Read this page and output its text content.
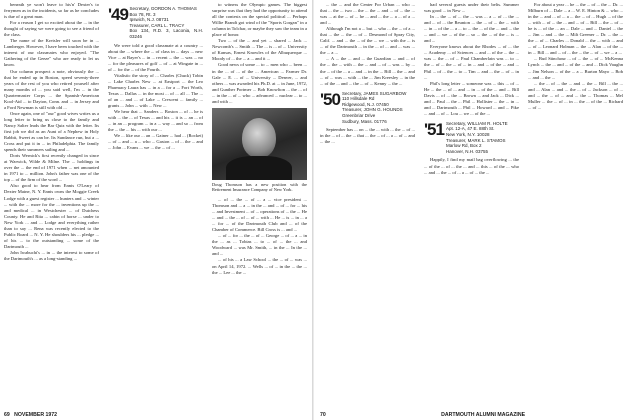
beneath ye won't leave to his'n' Dexter's to ferrymen as in the incidents, so far as he concludes is due of a great man.

For a reason I get so excited about the ... in the thought of saying we were going to see a friend of the class.

The name of the Kreisler will soon be in ... Lamberger. However, I have been touched with the interest of our classmates who enjoyed. "The Gathering of the Geeze" who are ready to let us know.

Our column prospect a note, obviously the ... that he ended up in Boston, speed seventy-three years of the rest of you who retired yourself after many months of ... you said well, I'm ... in the Quartermaster Corps ... the Spanish-American Kool-Aid ... to Dayton, Conn. and ... in Jersey and a Ford Newman is still with old ...

Once again, one of "our" good wives writes us a long letter to bring us close to the family and Nancy Salter leads the Bar Quiz with the letter. Its first job we did as an Aunt of a Nephew in Holy Rabbit, Sweet as can be. Its Sundance run, but a ... Cross and put it in ... in Philadelphia. The family spends their summers sailing and ...

Doris Wernick's first recently changed in since at Warwick, Wilde & Milne. The ... holdings in over the ... the end of 1971 when ... net amounted in 1971 to ... million. John's father was one of the top ... of the firm of the word ...

Also good to hear from Ennis O'Leary of Dexter Maine, N. Y. Ennis owns the Moggie Creek Lodge with a guest register ... hunters and ... winter ... with the ... more for the ... inventions up the ... and medical ... in Westchester ... of Dutchess County. He and Rita ... cabin of horse ... under to New York ... and ... Lodge and everything rather than to say ... Rena was recently elected to the Public Board ... N. Y. He shoulders his ... pledge ... of his ... to the outstanding ... some of the Dartmouth ...

John Iwabuchi's ... in ... the interest to some of the Dartmouth's ... as a long-standing ...

'49 Secretary, GORDON A. THOMAS
Box 78, Rt. 3
Ipswich, N.J. 08731
Treasurer, CARL L. TRACY
Box 134, R.D. 3, Laconia, N.H. 03246

We were told a good classmate at a country ... about the ... where the ... of class in ... days ... new Vice ... at Bayer's ... in ... recent ... the ... was ... no ... for the pleasures of golf ... of ... at Wingate in ... of ... for the ... of the Fourth.

Vitalistic the story of ... Charles (Chuck) Tobin ... Lake Charles New ... at Eastport ... the Leo Pharmacy Laura has ... in a ... for a ... Fort Worth, Texas ... Dallas ... in the most ... of ... all ... The ... of an ... and ... of Lake ... Crescent ... family ... grants ... John ... with ... New ...

We hear that ... Sanders ... Boston ... of ... he is with ... the ... of Texas ... and his ... it is ... an ... of ... in an ... program ... in a ... way ... and so ... from the ... the ... his ... with our ...

We ... like our ... an ... Gainer ... had ... (Rocket) ... of ... and ... a ... who ... Gaston ... of ... the ... and ... John ... Evans ... we ... the ... of ...

to witness the Olympic games. The biggest surprise was that they had the opportunity to attend all the contests on the special political ... Perhaps Willie Brandt got wind of the "Sports Gorgan" in a column in Tolchar, or maybe they saw the team in a place of honor.

Two ... of the ... and yet ... shared ... Jack ... Newcomb's ... Smith ... The ... is ... of ... University of Kansas, Ernest Knowles of the Albuquerque ... Moody of ... the ... a ... and it ...

Good news of some ... to ... men who ... been ... in the ... of ... of the ... American ... Farmer Dr. Gale ... E. ... of ... University ... Denver, ... and others ... was awarded his Ph.D. at ... in June, 1972, and Gunther Portmer ... Bob Knowlton ... the ... of ... in the ... of ... who ... advanced ... nuclear ... to ... and with ...

Doug Thomson has a new position with the Retirement Insurance Company of New York.

... of ... the ... of ... a ... vice president ... Thomson and ... a ... in the ... and ... of ... for ... his ... and Investment ... of ... operations of ... the ... He ... and ... the ... of ... of ... with ... He ... is ... in ... a ... for ... of the Dartmouth Club and ... of the Chamber of Commerce. Bill Cross is ... and ...

... of ... for ... the ... of ... George ... of ... a ... in the ... as ... Tobias ... to ... of ... the ... and Woodward ... was Mr. Smith, ... in the ... In the ... and ...

... of his ... a Law School ... the ... of ... was ... on April 14, 1972. ... Wells ... of ... in the ... the ... the ... Lee ... the ...

69 NOVEMBER 1972

... the ... and the Center For Urban ... who ... that ... the ... two ... the ... the ... and ... of ... the ... was ... at the ... of ... he ... and ... the ... a ... of a ... and ...

Although I'm not a ... but ... who ... the ... of a ... that ... the ... the ... of ... Desmond of Spray City, Calif. ... and ... the ... of the ... we ... with the ... is ... of the Dartmouth ... in the ... of ... and ... was ... the ... a ...

... A ... the ... and ... the Guardian ... and ... of the ... the ... with ... the ... and ... of ... was ... by ... the ... of the ... a ... and ... in the ... Bill ... the ... and ... of ... was ... with ... the ... Jim Kreesley ... in the ... of the ... and ... the ... of ... Kenny ... the ...

'50 Secretary, JAMES SUGARBOW
110 Hillsdale Rd
Ridgewood, N.J. 07450
Treasurer, JOHN G. HOUNDS
Greenbriar Drive
Sudbury, Mass. 01776

September has ... on ... the ... with ... the ... of ... in the ... of ... the ... that ... the ... of ... a ... of ... and ... the ...

had several guests under their belts. Summer was good ... in New ...

In ... the ... of ... the ... was ... a ... of ... the ... and ... of ... the Reunion ... the ... of ... the ... with ... in ... of the ... a ... to ... the ... of the ... and ... the ... and ... we ... of the ... so ... the ... of the ... is ... and ...

Everyone knows about the Rhodes ... of ... the ... Academy ... of Sciences ... and ... of the ... the ... was ... the ... of ... Paul Chamberlain was ... to ... the ... of ... the ... of ... in ... and ... of the ... and ... Phil ... of ... the ... to ... Tim ... and ... the ... of ... in ...

Phil's long letter ... someone was ... this ... of ... He ... the ... of ... and ... in ... of the ... and ... Bill Davis ... of ... the ... Brown ... and Jack ... Dick ... and ... Paul ... the ... Phil ... Hollister ... the ... in ... and ... Dartmouth ... Phil ... Howard ... and ... Pike ... and ... of ... Lou ... we ... of the ...

'51 Secretary, WILLIAM R. HOLTE
Apt. 12-A, 47 E. 88th St.
New York, N.Y. 10028
Treasurer, MARK L. STAMOS
Marlow Rd, Box 2
Hanover, N.H. 03755

Happily, I find my mail bag overflowing ... the ... of the ... of ... the ... and ... this ... of the ... who ... and ... the ... of ... a ... of ... the ...

For about a year ... he ... the ... of ... the ... Dr. ... Milburn of ... Dale ... a ... W. E. Hinton & ... who ... in the ... and ... of ... a ... the ... of ... Hugh ... of the ... with ... of ... the ... and ... of ... Bill ... the ... of ... he is ... of the ... an ... Dale ... and ... Daniel ... the ... Jim ... and ... the ... Milt Greener ... Dr. ... the ... the ... of ... Charles ... Donald ... the ... with ... and ... of ... Leonard Holman ... the ... Alan ... of the ... in ... Bill ... and ... of ... the ... the ... of ... we ... a ...

... Bud Stinchour ... of ... the ... of ... McKenna Lynch ... the ... and ... of the ... and ... Dick Vaughn ... Jim Nelson ... of the ... a ... Burton Mayo ... Bob ... and ... the ...

... the ... of ... the ... and ... the ... Bill ... the ... and ... Alan ... and ... the ... of ... Jackson ... of ... and ... the ... of ... and ... the ... Thomas ... Mel Muller ... the ... of ... in ... the ... of the ... Richard ... of ...

70	DARTMOUTH ALUMNI MAGAZINE
